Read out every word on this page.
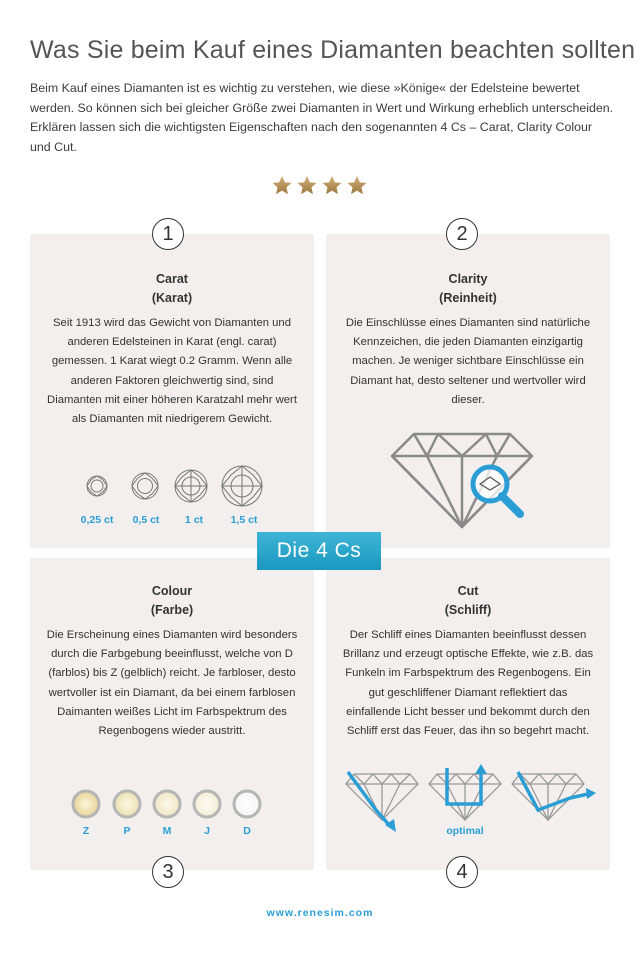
Was Sie beim Kauf eines Diamanten beachten sollten
Beim Kauf eines Diamanten ist es wichtig zu verstehen, wie diese »Könige« der Edelsteine bewertet werden. So können sich bei gleicher Größe zwei Diamanten in Wert und Wirkung erheblich unterscheiden. Erklären lassen sich die wichtigsten Eigenschaften nach den sogenannten 4 Cs – Carat, Clarity Colour und Cut.
Carat
(Karat)
Seit 1913 wird das Gewicht von Diamanten und anderen Edelsteinen in Karat (engl. carat) gemessen. 1 Karat wiegt 0.2 Gramm. Wenn alle anderen Faktoren gleichwertig sind, sind Diamanten mit einer höheren Karatzahl mehr wert als Diamanten mit niedrigerem Gewicht.
0,25 ct	0,5 ct	1 ct	1,5 ct
Clarity
(Reinheit)
Die Einschlüsse eines Diamanten sind natürliche Kennzeichen, die jeden Diamanten einzigartig machen. Je weniger sichtbare Einschlüsse ein Diamant hat, desto seltener und wertvoller wird dieser.
Colour
(Farbe)
Die Erscheinung eines Diamanten wird besonders durch die Farbgebung beeinflusst, welche von D (farblos) bis Z (gelblich) reicht. Je farbloser, desto wertvoller ist ein Diamant, da bei einem farblosen Daimanten weißes Licht im Farbspektrum des Regenbogens wieder austritt.
Z	P	M	J	D
Cut
(Schliff)
Der Schliff eines Diamanten beeinflusst dessen Brillanz und erzeugt optische Effekte, wie z.B. das Funkeln im Farbspektrum des Regenbogens. Ein gut geschliffener Diamant reflektiert das einfallende Licht besser und bekommt durch den Schliff erst das Feuer, das ihn so begehrt macht.
optimal
1	2
3	4
Die 4 Cs
www.renesim.com
